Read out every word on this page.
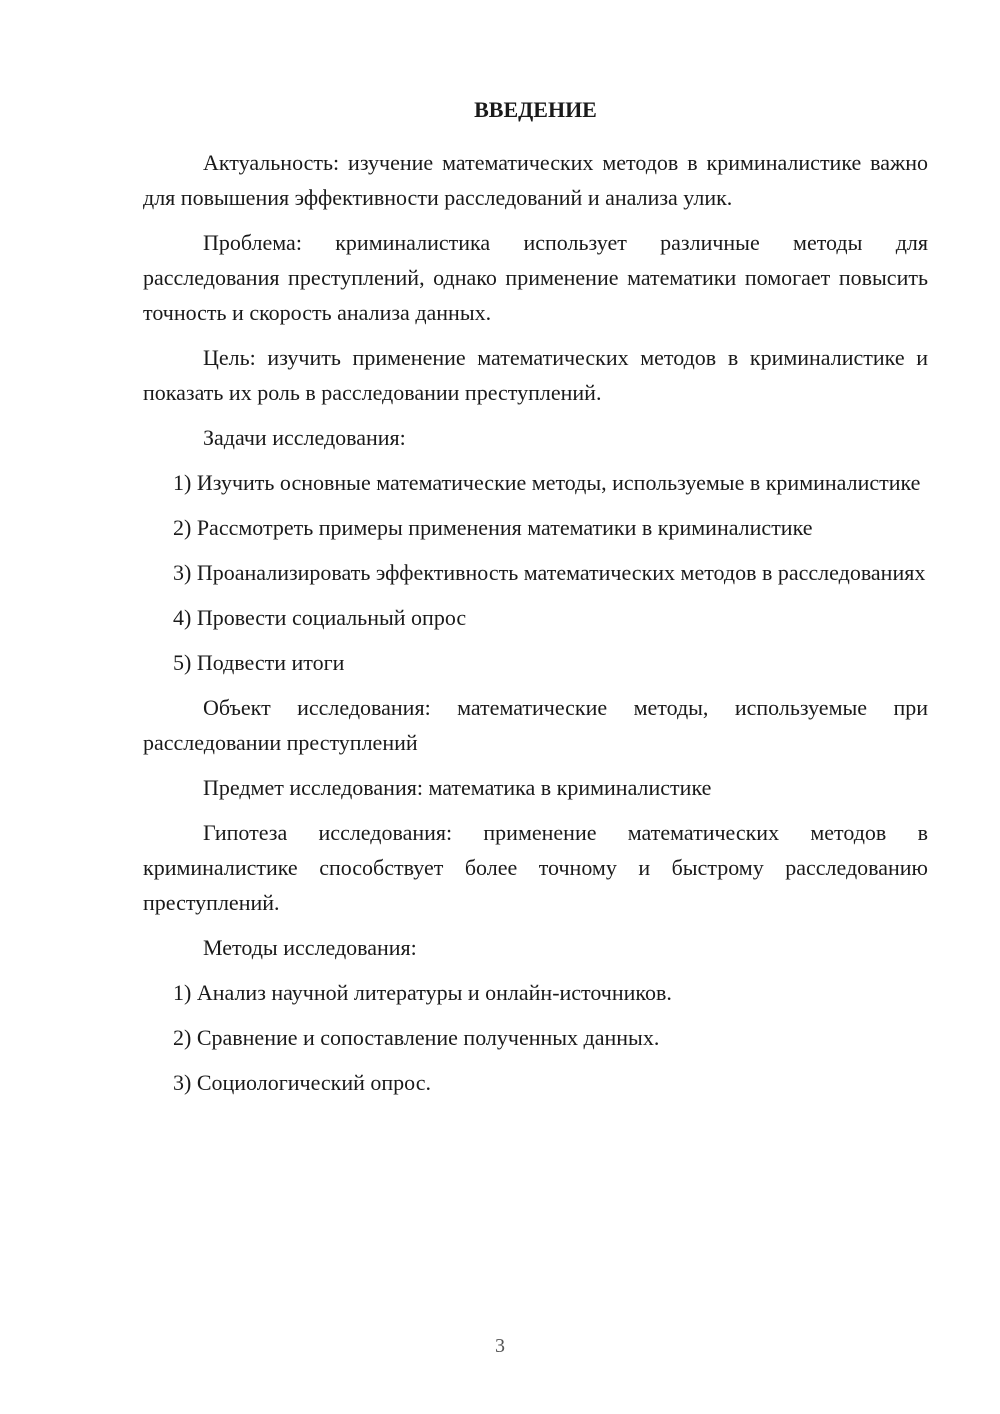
ВВЕДЕНИЕ

Актуальность: изучение математических методов в криминалистике важно для повышения эффективности расследований и анализа улик.

Проблема: криминалистика использует различные методы для расследования преступлений, однако применение математики помогает повысить точность и скорость анализа данных.

Цель: изучить применение математических методов в криминалистике и показать их роль в расследовании преступлений.

Задачи исследования:

1) Изучить основные математические методы, используемые в криминалистике

2) Рассмотреть примеры применения математики в криминалистике

3) Проанализировать эффективность математических методов в расследованиях

4) Провести социальный опрос

5) Подвести итоги

Объект исследования: математические методы, используемые при расследовании преступлений

Предмет исследования: математика в криминалистике

Гипотеза исследования: применение математических методов в криминалистике способствует более точному и быстрому расследованию преступлений.

Методы исследования:

1) Анализ научной литературы и онлайн-источников.

2) Сравнение и сопоставление полученных данных.

3) Социологический опрос.

3
